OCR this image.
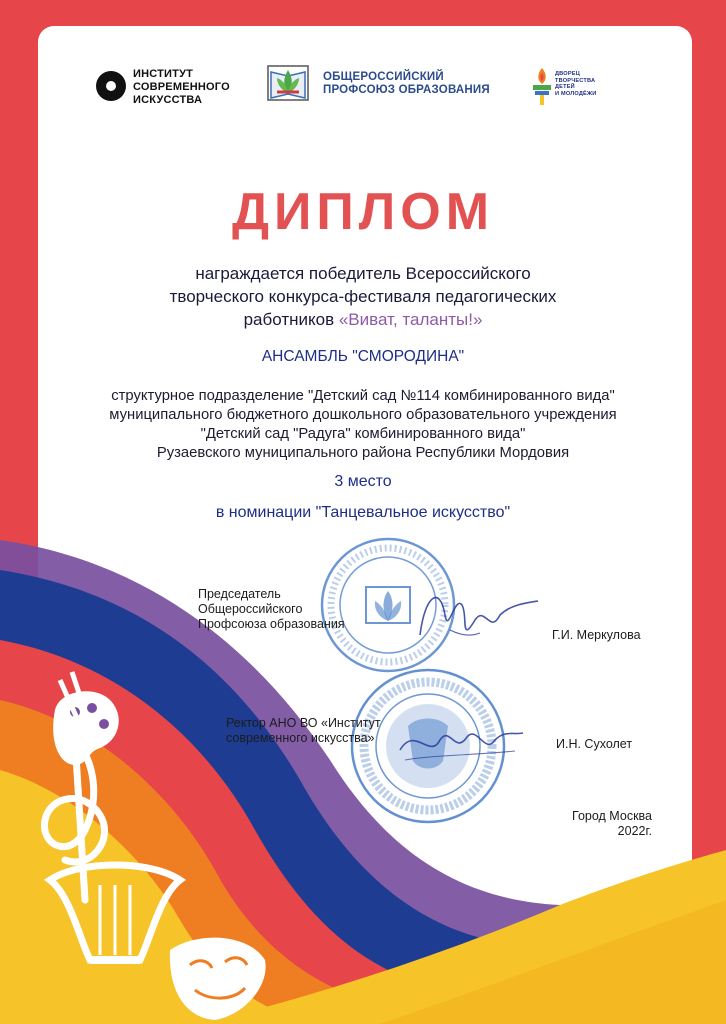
ИНСТИТУТ
СОВРЕМЕННОГО
ИСКУССТВА
ОБЩЕРОССИЙСКИЙ
ПРОФСОЮЗ ОБРАЗОВАНИЯ
ДВОРЕЦ
ТВОРЧЕСТВА
ДЕТЕЙ
И МОЛОДЁЖИ
ДИПЛОМ
награждается победитель Всероссийского
творческого конкурса-фестиваля педагогических
работников «Виват, таланты!»
АНСАМБЛЬ "СМОРОДИНА"
структурное подразделение "Детский сад №114 комбинированного вида"
муниципального бюджетного дошкольного образовательного учреждения
"Детский сад "Радуга" комбинированного вида"
Рузаевского муниципального района Республики Мордовия
3 место
в номинации "Танцевальное искусство"
Председатель
Общероссийского
Профсоюза образования
Г.И. Меркулова
Ректор АНО ВО «Институт
современного искусства»	И.Н. Сухолет
Город Москва
2022г.
